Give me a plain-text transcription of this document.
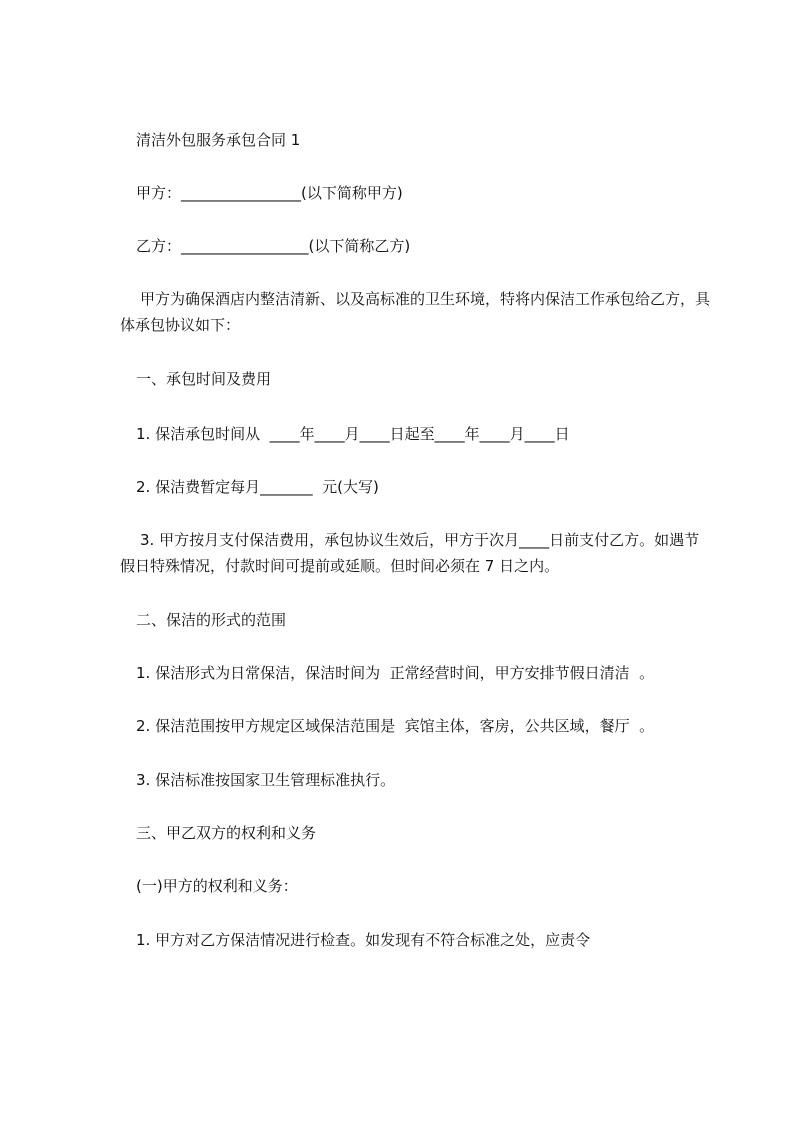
清洁外包服务承包合同 1

甲方：________________(以下简称甲方)

乙方：_________________(以下简称乙方)

甲方为确保酒店内整洁清新、以及高标准的卫生环境，特将内保洁工作承包给乙方，具体承包协议如下：

一、承包时间及费用

1. 保洁承包时间从  ____年____月____日起至____年____月____日

2. 保洁费暂定每月_______  元(大写)

3. 甲方按月支付保洁费用，承包协议生效后，甲方于次月____日前支付乙方。如遇节假日特殊情况，付款时间可提前或延顺。但时间必须在 7 日之内。

二、保洁的形式的范围

1. 保洁形式为日常保洁，保洁时间为  正常经营时间，甲方安排节假日清洁  。

2. 保洁范围按甲方规定区域保洁范围是  宾馆主体，客房，公共区域，餐厅  。

3. 保洁标准按国家卫生管理标准执行。

三、甲乙双方的权利和义务

(一)甲方的权利和义务：

1. 甲方对乙方保洁情况进行检查。如发现有不符合标准之处，应责令
